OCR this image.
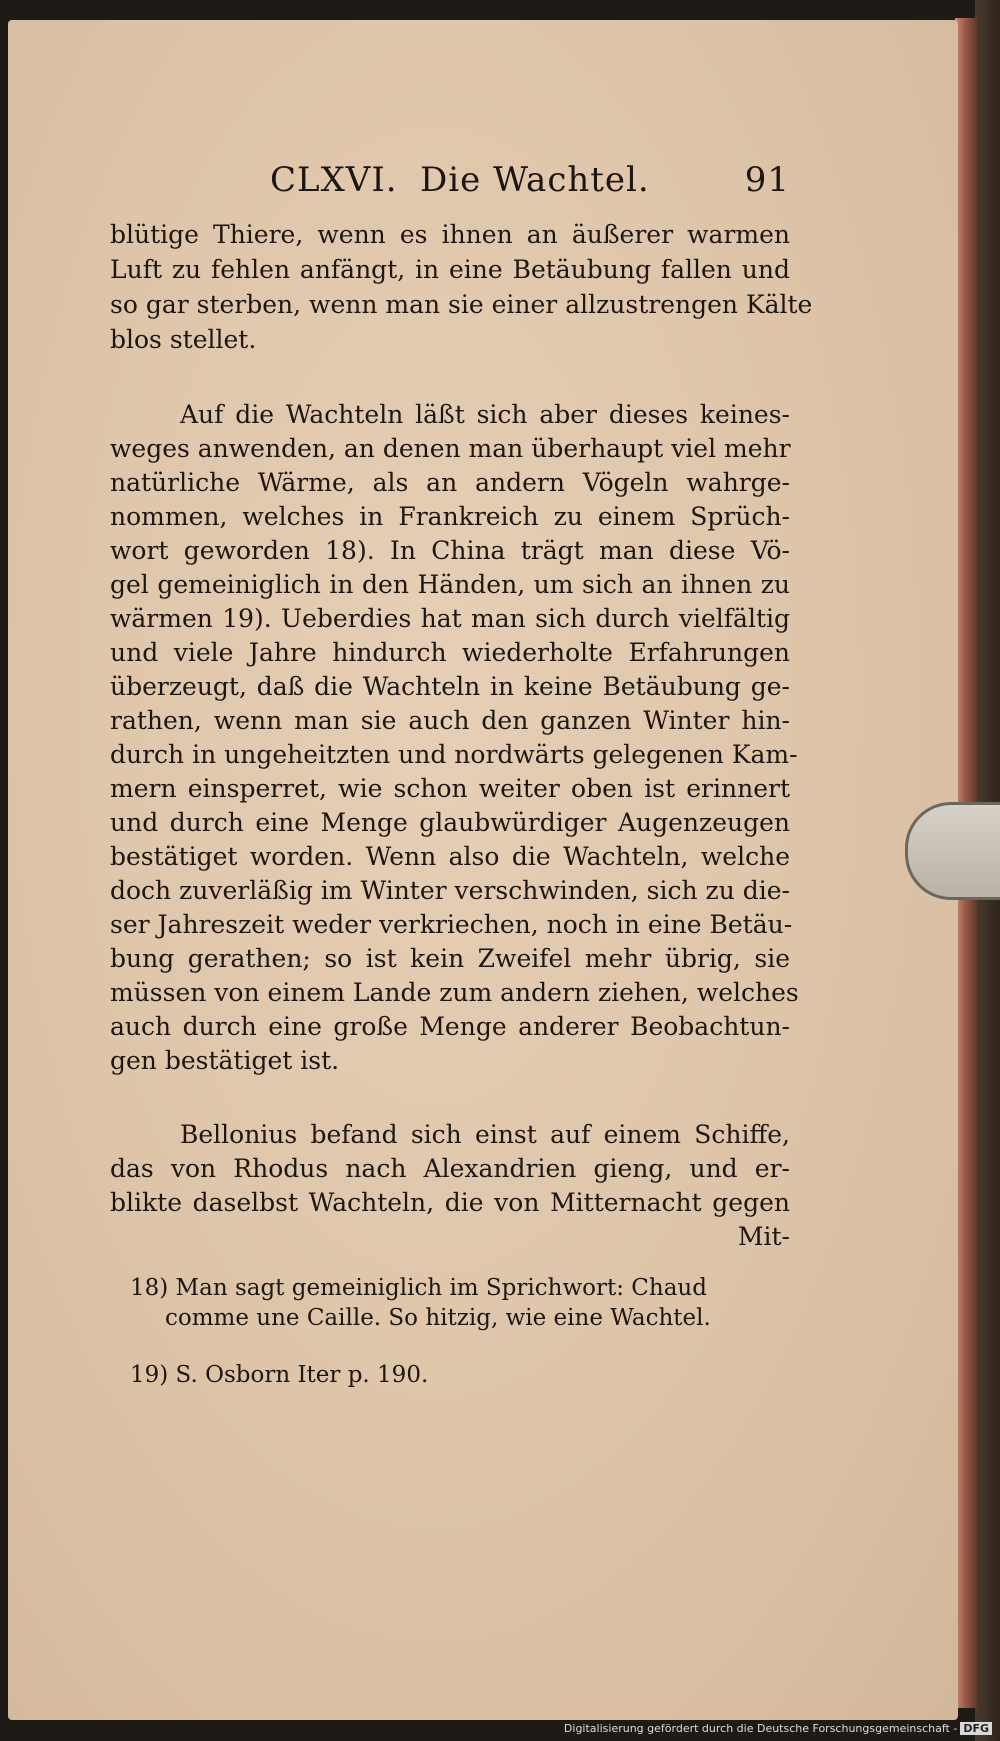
CLXVI. Die Wachtel.	91
blütige Thiere, wenn es ihnen an äußerer warmen
Luft zu fehlen anfängt, in eine Betäubung fallen und
so gar sterben, wenn man sie einer allzustrengen Kälte
blos stellet.
Auf die Wachteln läßt sich aber dieses keines-
weges anwenden, an denen man überhaupt viel mehr
natürliche Wärme, als an andern Vögeln wahrge-
nommen, welches in Frankreich zu einem Sprüch-
wort geworden 18). In China trägt man diese Vö-
gel gemeiniglich in den Händen, um sich an ihnen zu
wärmen 19). Ueberdies hat man sich durch vielfältig
und viele Jahre hindurch wiederholte Erfahrungen
überzeugt, daß die Wachteln in keine Betäubung ge-
rathen, wenn man sie auch den ganzen Winter hin-
durch in ungeheitzten und nordwärts gelegenen Kam-
mern einsperret, wie schon weiter oben ist erinnert
und durch eine Menge glaubwürdiger Augenzeugen
bestätiget worden. Wenn also die Wachteln, welche
doch zuverläßig im Winter verschwinden, sich zu die-
ser Jahreszeit weder verkriechen, noch in eine Betäu-
bung gerathen; so ist kein Zweifel mehr übrig, sie
müssen von einem Lande zum andern ziehen, welches
auch durch eine große Menge anderer Beobachtun-
gen bestätiget ist.
Bellonius befand sich einst auf einem Schiffe,
das von Rhodus nach Alexandrien gieng, und er-
blikte daselbst Wachteln, die von Mitternacht gegen
Mit-
18) Man sagt gemeiniglich im Sprichwort: Chaud
comme une Caille. So hitzig, wie eine Wachtel.
19) S. Osborn Iter p. 190.
Digitalisierung gefördert durch die Deutsche Forschungsgemeinschaft - DFG
